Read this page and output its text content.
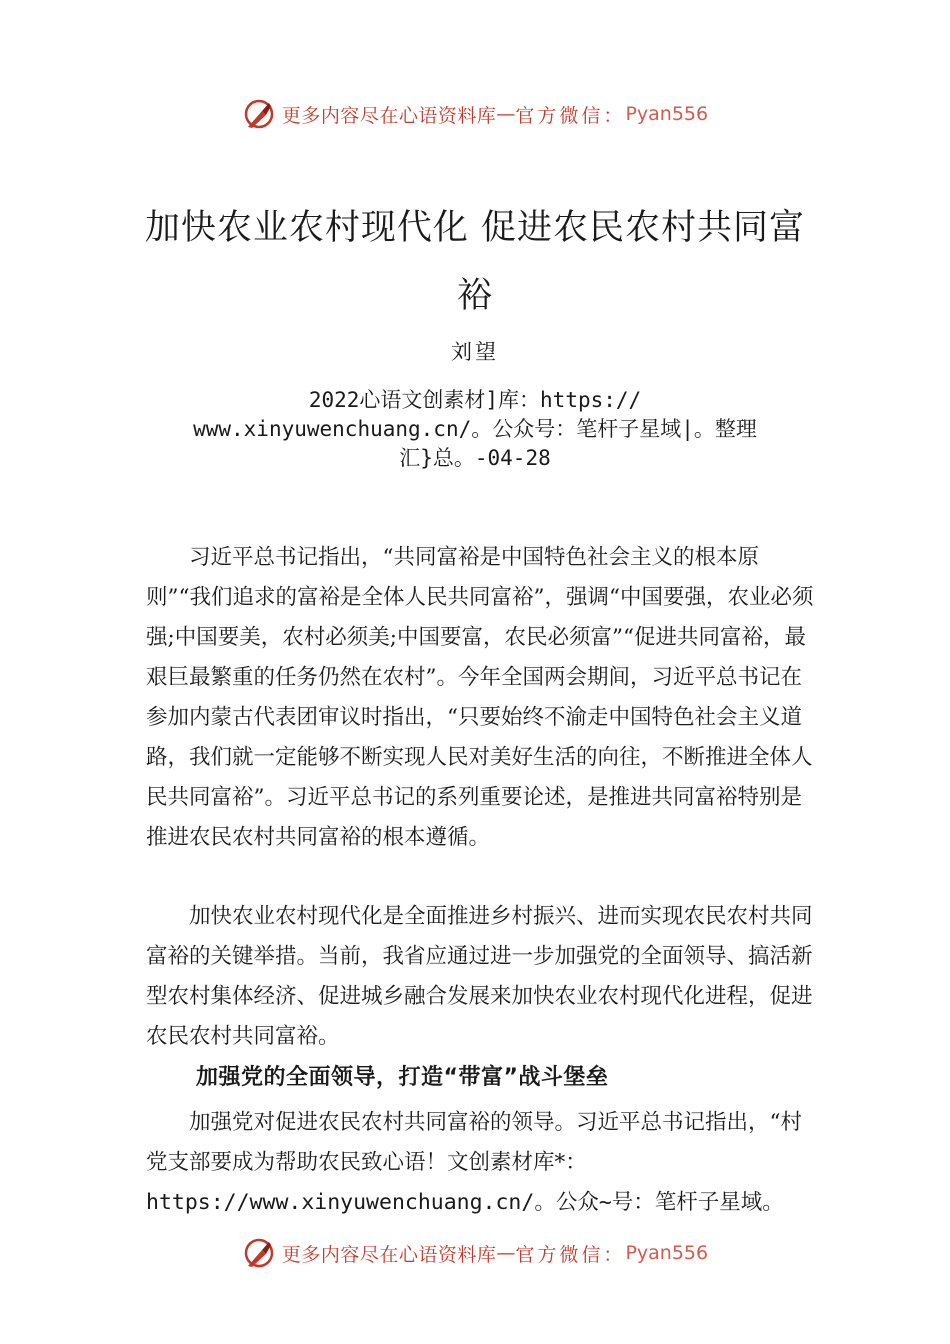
更多内容尽在心语资料库 — 官方微信： Pyan556
加快农业农村现代化 促进农民农村共同富裕
刘望
2022心语文创素材]库：https://
www.xinyuwenchuang.cn/。公众号：笔杆子星域|。整理
汇}总。-04-28

习近平总书记指出，“共同富裕是中国特色社会主义的根本原则”“我们追求的富裕是全体人民共同富裕”，强调“中国要强，农业必须强;中国要美，农村必须美;中国要富，农民必须富”“促进共同富裕，最艰巨最繁重的任务仍然在农村”。今年全国两会期间，习近平总书记在参加内蒙古代表团审议时指出，“只要始终不渝走中国特色社会主义道路，我们就一定能够不断实现人民对美好生活的向往，不断推进全体人民共同富裕”。习近平总书记的系列重要论述，是推进共同富裕特别是推进农民农村共同富裕的根本遵循。

加快农业农村现代化是全面推进乡村振兴、进而实现农民农村共同富裕的关键举措。当前，我省应通过进一步加强党的全面领导、搞活新型农村集体经济、促进城乡融合发展来加快农业农村现代化进程，促进农民农村共同富裕。

加强党的全面领导，打造“带富”战斗堡垒

加强党对促进农民农村共同富裕的领导。习近平总书记指出，“村党支部要成为帮助农民致心语！文创素材库*：

https://www.xinyuwenchuang.cn/。公众~号：笔杆子星域。
更多内容尽在心语资料库 — 官方微信： Pyan556
